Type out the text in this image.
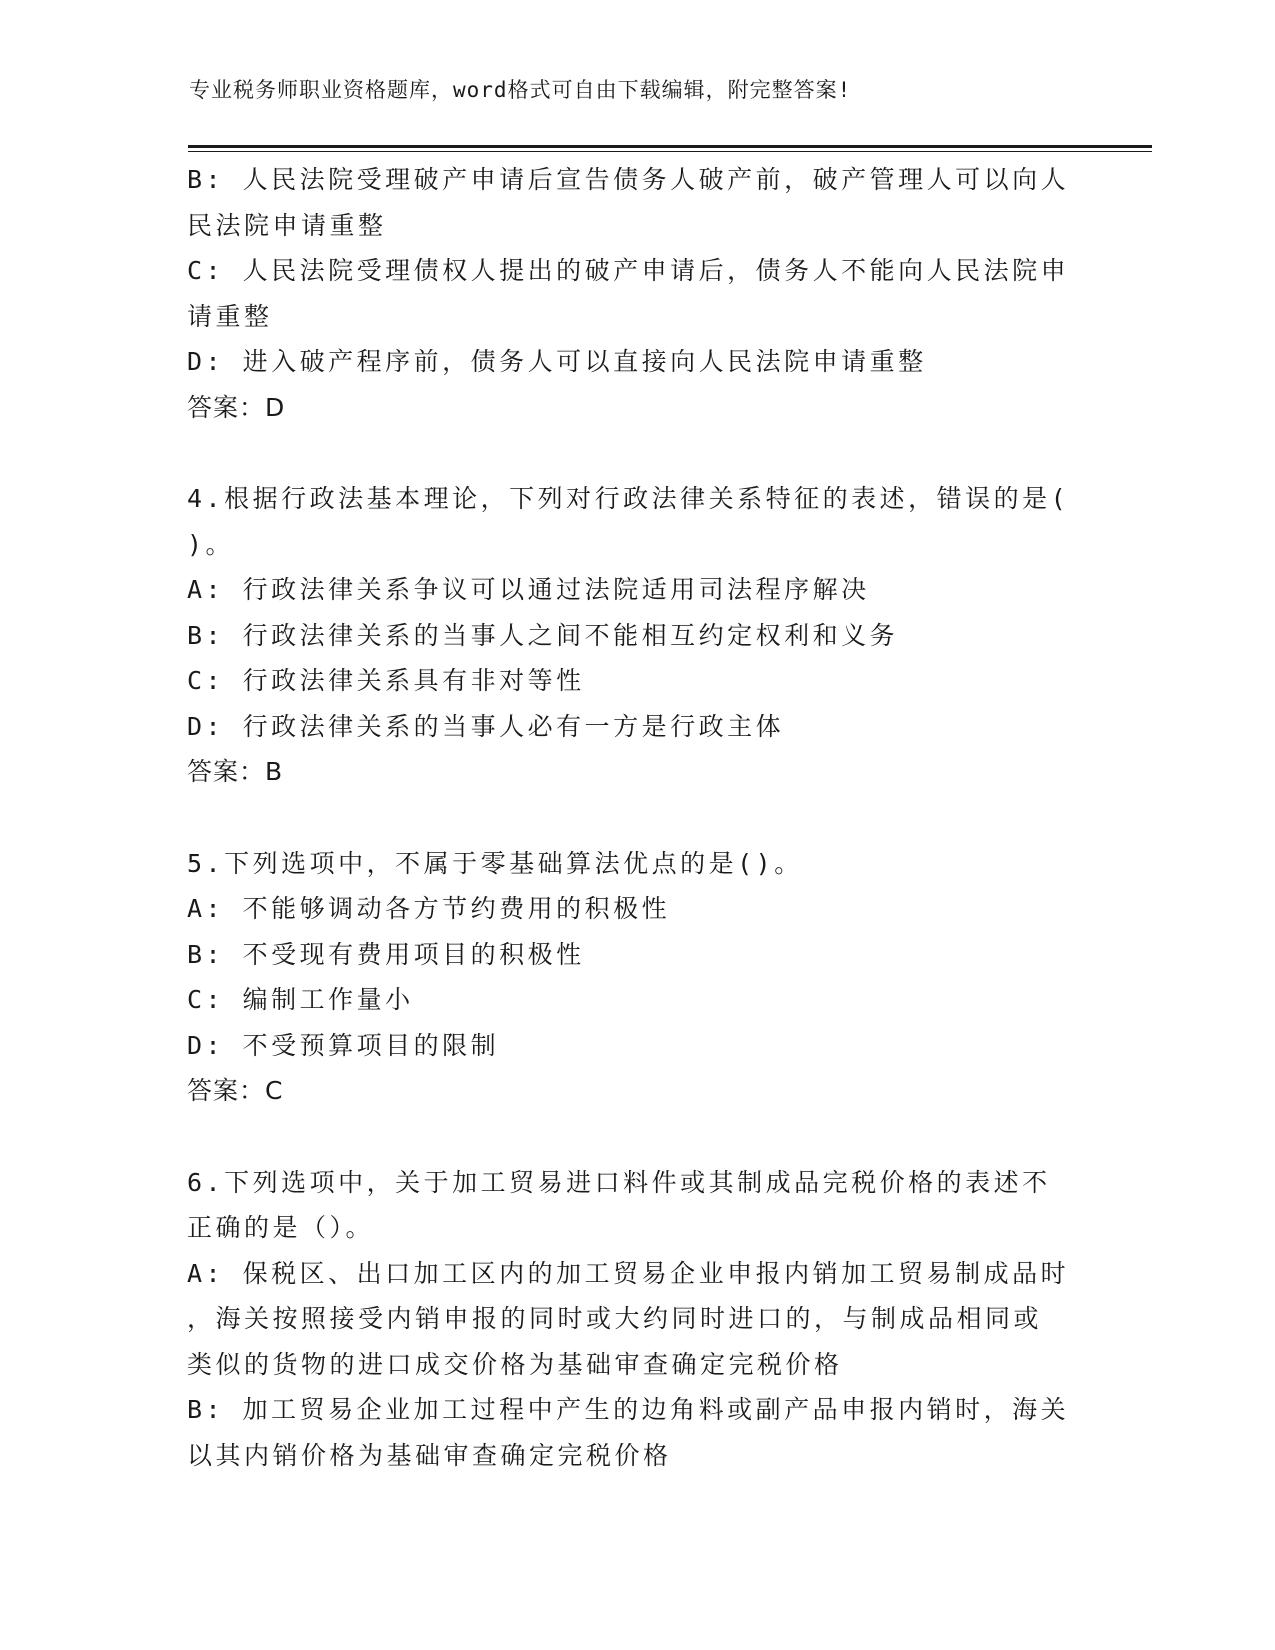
专业税务师职业资格题库，word格式可自由下载编辑，附完整答案!
B: 人民法院受理破产申请后宣告债务人破产前，破产管理人可以向人
民法院申请重整
C: 人民法院受理债权人提出的破产申请后，债务人不能向人民法院申
请重整
D: 进入破产程序前，债务人可以直接向人民法院申请重整
答案：D
4.根据行政法基本理论，下列对行政法律关系特征的表述，错误的是(
)。
A: 行政法律关系争议可以通过法院适用司法程序解决
B: 行政法律关系的当事人之间不能相互约定权利和义务
C: 行政法律关系具有非对等性
D: 行政法律关系的当事人必有一方是行政主体
答案：B
5.下列选项中，不属于零基础算法优点的是()。
A: 不能够调动各方节约费用的积极性
B: 不受现有费用项目的积极性
C: 编制工作量小
D: 不受预算项目的限制
答案：C
6.下列选项中，关于加工贸易进口料件或其制成品完税价格的表述不
正确的是（）。
A: 保税区、出口加工区内的加工贸易企业申报内销加工贸易制成品时
，海关按照接受内销申报的同时或大约同时进口的，与制成品相同或
类似的货物的进口成交价格为基础审查确定完税价格
B: 加工贸易企业加工过程中产生的边角料或副产品申报内销时，海关
以其内销价格为基础审查确定完税价格
